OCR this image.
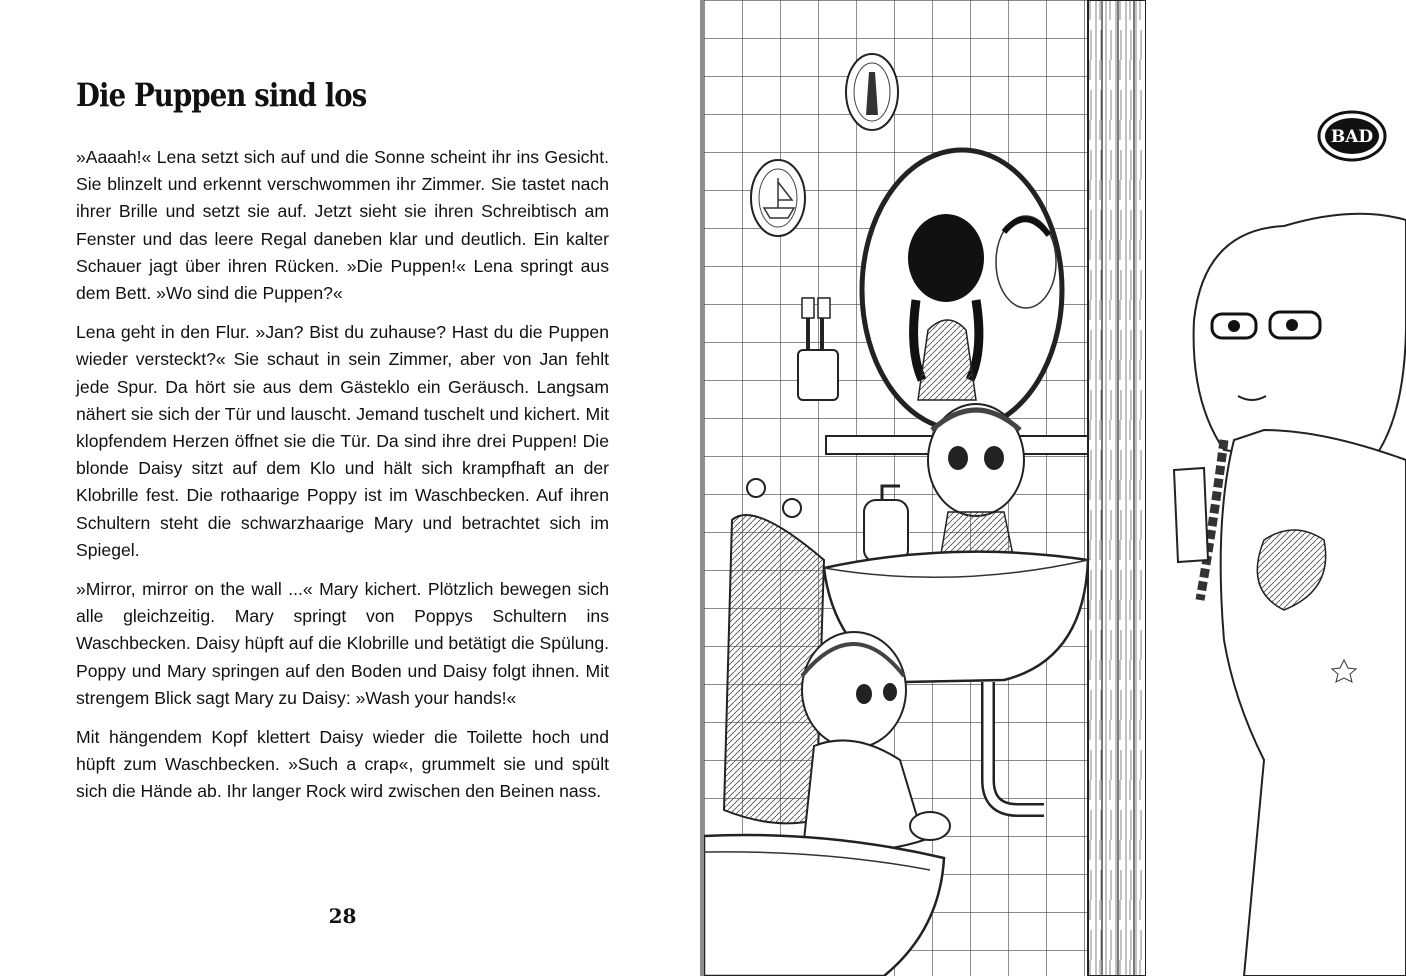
Die Puppen sind los

»Aaaah!« Lena setzt sich auf und die Sonne scheint ihr ins Gesicht. Sie blinzelt und erkennt verschwommen ihr Zimmer. Sie tastet nach ihrer Brille und setzt sie auf. Jetzt sieht sie ihren Schreibtisch am Fenster und das leere Regal daneben klar und deutlich. Ein kalter Schauer jagt über ihren Rücken. »Die Puppen!« Lena springt aus dem Bett. »Wo sind die Puppen?«

Lena geht in den Flur. »Jan? Bist du zuhause? Hast du die Puppen wieder versteckt?« Sie schaut in sein Zimmer, aber von Jan fehlt jede Spur. Da hört sie aus dem Gästeklo ein Geräusch. Langsam nähert sie sich der Tür und lauscht. Jemand tuschelt und kichert. Mit klopfendem Herzen öffnet sie die Tür. Da sind ihre drei Puppen! Die blonde Daisy sitzt auf dem Klo und hält sich krampfhaft an der Klobrille fest. Die rothaarige Poppy ist im Waschbecken. Auf ihren Schultern steht die schwarzhaarige Mary und betrachtet sich im Spiegel.

»Mirror, mirror on the wall ...« Mary kichert. Plötzlich bewegen sich alle gleichzeitig. Mary springt von Poppys Schultern ins Waschbecken. Daisy hüpft auf die Klobrille und betätigt die Spülung. Poppy und Mary springen auf den Boden und Daisy folgt ihnen. Mit strengem Blick sagt Mary zu Daisy: »Wash your hands!«

Mit hängendem Kopf klettert Daisy wieder die Toilette hoch und hüpft zum Waschbecken. »Such a crap«, grummelt sie und spült sich die Hände ab. Ihr langer Rock wird zwischen den Beinen nass.

28
BAD
